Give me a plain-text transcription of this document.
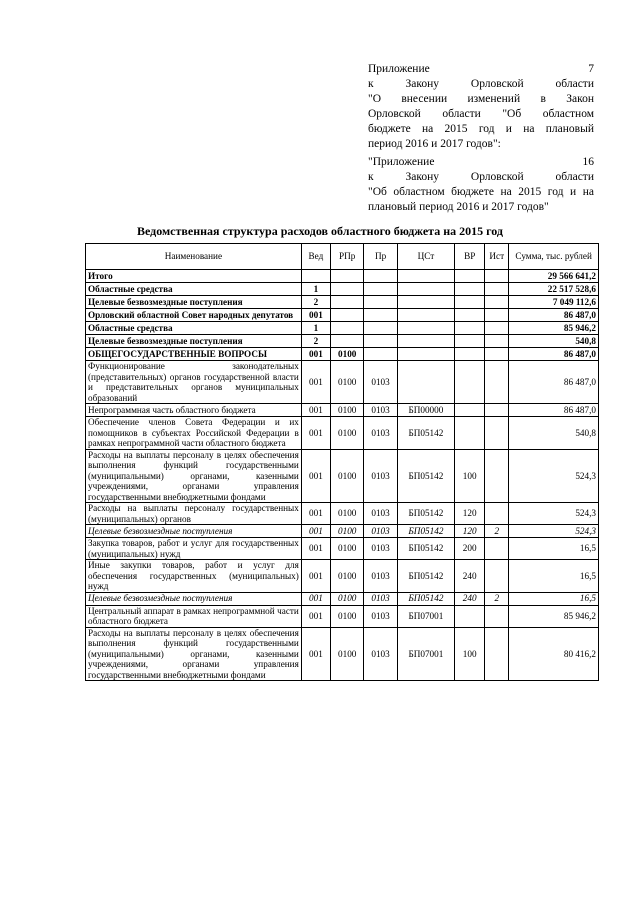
Приложение 7

к Закону Орловской области

"О внесении изменений в Закон

Орловской области "Об областном

бюджете на 2015 год и на плановый

период 2016 и 2017 годов":

"Приложение 16

к Закону Орловской области

"Об областном бюджете на 2015 год и на

плановый период 2016 и 2017 годов"

Ведомственная структура расходов областного бюджета на 2015 год
Наименование	Вед	РПр	Пр	ЦСт	ВР	Ист	Сумма, тыс. рублей
Итого							29 566 641,2
Областные средства	1						22 517 528,6
Целевые безвозмездные поступления	2						7 049 112,6
Орловский областной Совет народных депутатов	001						86 487,0
Областные средства	1						85 946,2
Целевые безвозмездные поступления	2						540,8
ОБЩЕГОСУДАРСТВЕННЫЕ ВОПРОСЫ	001	0100					86 487,0
Функционирование законодательных (представительных) органов государственной власти и представительных органов муниципальных образований	001	0100	0103				86 487,0
Непрограммная часть областного бюджета	001	0100	0103	БП00000			86 487,0
Обеспечение членов Совета Федерации и их помощников в субъектах Российской Федерации в рамках непрограммной части областного бюджета	001	0100	0103	БП05142			540,8
Расходы на выплаты персоналу в целях обеспечения выполнения функций государственными (муниципальными) органами, казенными учреждениями, органами управления государственными внебюджетными фондами	001	0100	0103	БП05142	100		524,3
Расходы на выплаты персоналу государственных (муниципальных) органов	001	0100	0103	БП05142	120		524,3
Целевые безвозмездные поступления	001	0100	0103	БП05142	120	2	524,3
Закупка товаров, работ и услуг для государственных (муниципальных) нужд	001	0100	0103	БП05142	200		16,5
Иные закупки товаров, работ и услуг для обеспечения государственных (муниципальных) нужд	001	0100	0103	БП05142	240		16,5
Целевые безвозмездные поступления	001	0100	0103	БП05142	240	2	16,5
Центральный аппарат в рамках непрограммной части областного бюджета	001	0100	0103	БП07001			85 946,2
Расходы на выплаты персоналу в целях обеспечения выполнения функций государственными (муниципальными) органами, казенными учреждениями, органами управления государственными внебюджетными фондами	001	0100	0103	БП07001	100		80 416,2
